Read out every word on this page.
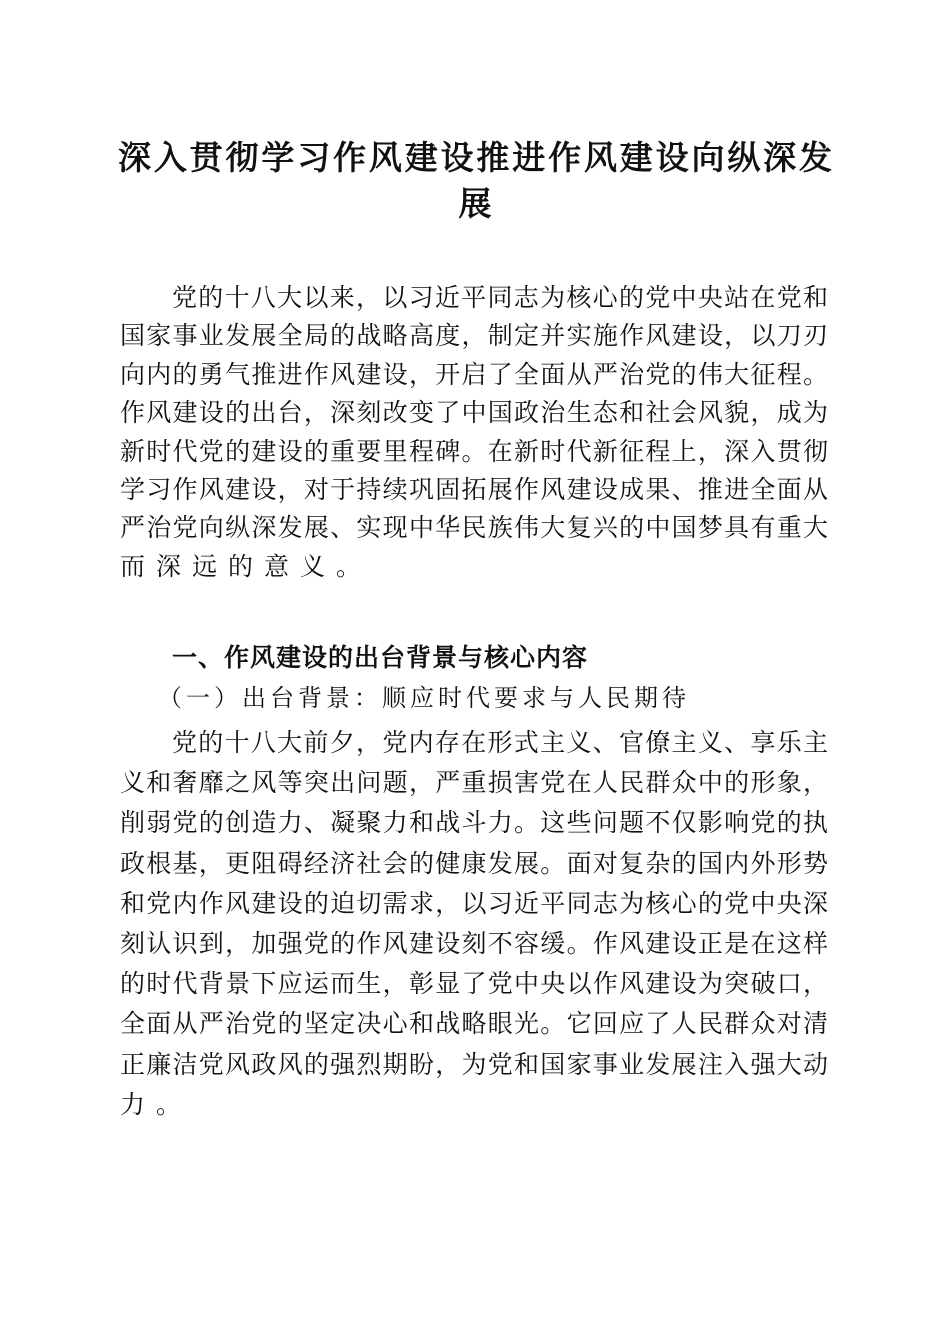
深入贯彻学习作风建设推进作风建设向纵深发
展
党的十八大以来，以习近平同志为核心的党中央站在党和
国家事业发展全局的战略高度，制定并实施作风建设，以刀刃
向内的勇气推进作风建设，开启了全面从严治党的伟大征程。
作风建设的出台，深刻改变了中国政治生态和社会风貌，成为
新时代党的建设的重要里程碑。在新时代新征程上，深入贯彻
学习作风建设，对于持续巩固拓展作风建设成果、推进全面从
严治党向纵深发展、实现中华民族伟大复兴的中国梦具有重大
而深远的意义。
一、作风建设的出台背景与核心内容
（一）出台背景：顺应时代要求与人民期待
党的十八大前夕，党内存在形式主义、官僚主义、享乐主
义和奢靡之风等突出问题，严重损害党在人民群众中的形象，
削弱党的创造力、凝聚力和战斗力。这些问题不仅影响党的执
政根基，更阻碍经济社会的健康发展。面对复杂的国内外形势
和党内作风建设的迫切需求，以习近平同志为核心的党中央深
刻认识到，加强党的作风建设刻不容缓。作风建设正是在这样
的时代背景下应运而生，彰显了党中央以作风建设为突破口，
全面从严治党的坚定决心和战略眼光。它回应了人民群众对清
正廉洁党风政风的强烈期盼，为党和国家事业发展注入强大动
力。
